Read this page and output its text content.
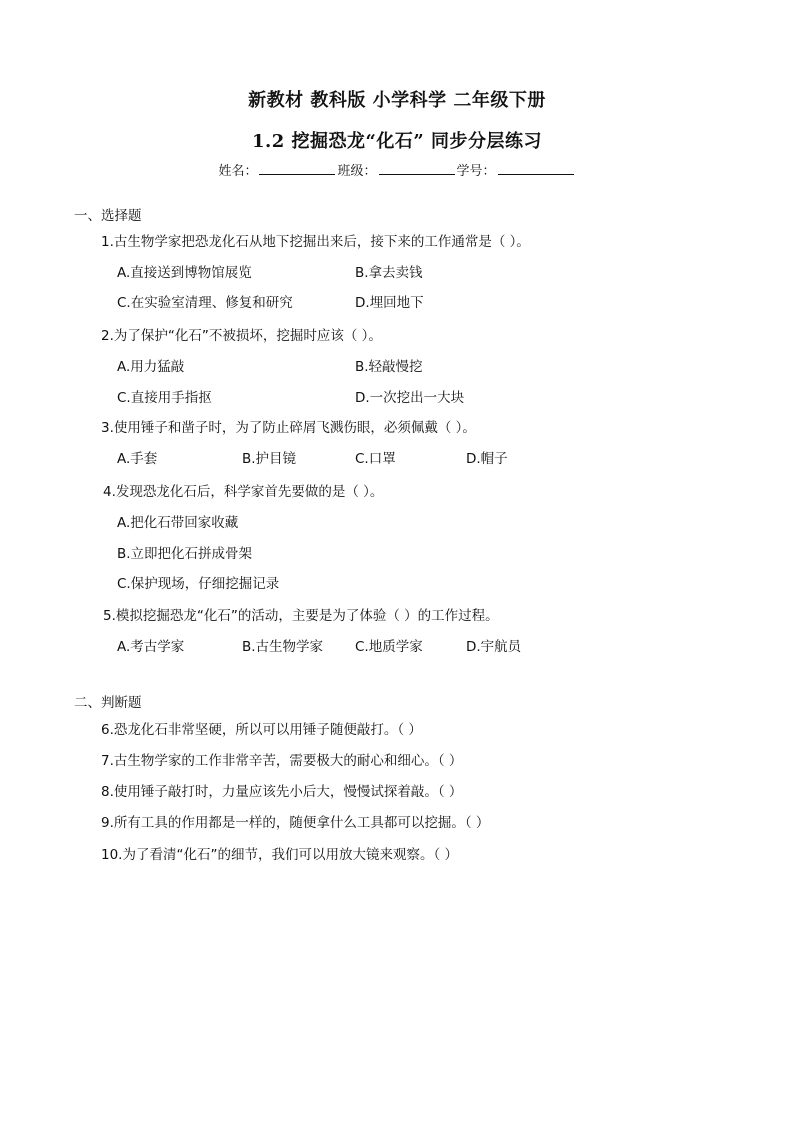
新教材 教科版 小学科学 二年级下册
1.2 挖掘恐龙“化石” 同步分层练习
姓名：	班级：	学号：
一、选择题
1.古生物学家把恐龙化石从地下挖掘出来后，接下来的工作通常是（ ）。
A.直接送到博物馆展览	B.拿去卖钱
C.在实验室清理、修复和研究	D.埋回地下
2.为了保护“化石”不被损坏，挖掘时应该（ ）。
A.用力猛敲	B.轻敲慢挖
C.直接用手指抠	D.一次挖出一大块
3.使用锤子和凿子时，为了防止碎屑飞溅伤眼，必须佩戴（ ）。
A.手套	B.护目镜	C.口罩	D.帽子
4.发现恐龙化石后，科学家首先要做的是（ ）。
A.把化石带回家收藏
B.立即把化石拼成骨架
C.保护现场，仔细挖掘记录
5.模拟挖掘恐龙“化石”的活动，主要是为了体验（ ）的工作过程。
A.考古学家	B.古生物学家 C.地质学家	D.宇航员
二、判断题
6.恐龙化石非常坚硬，所以可以用锤子随便敲打。（ ）
7.古生物学家的工作非常辛苦，需要极大的耐心和细心。（ ）
8.使用锤子敲打时，力量应该先小后大，慢慢试探着敲。（ ）
9.所有工具的作用都是一样的，随便拿什么工具都可以挖掘。（ ）
10.为了看清“化石”的细节，我们可以用放大镜来观察。（ ）
